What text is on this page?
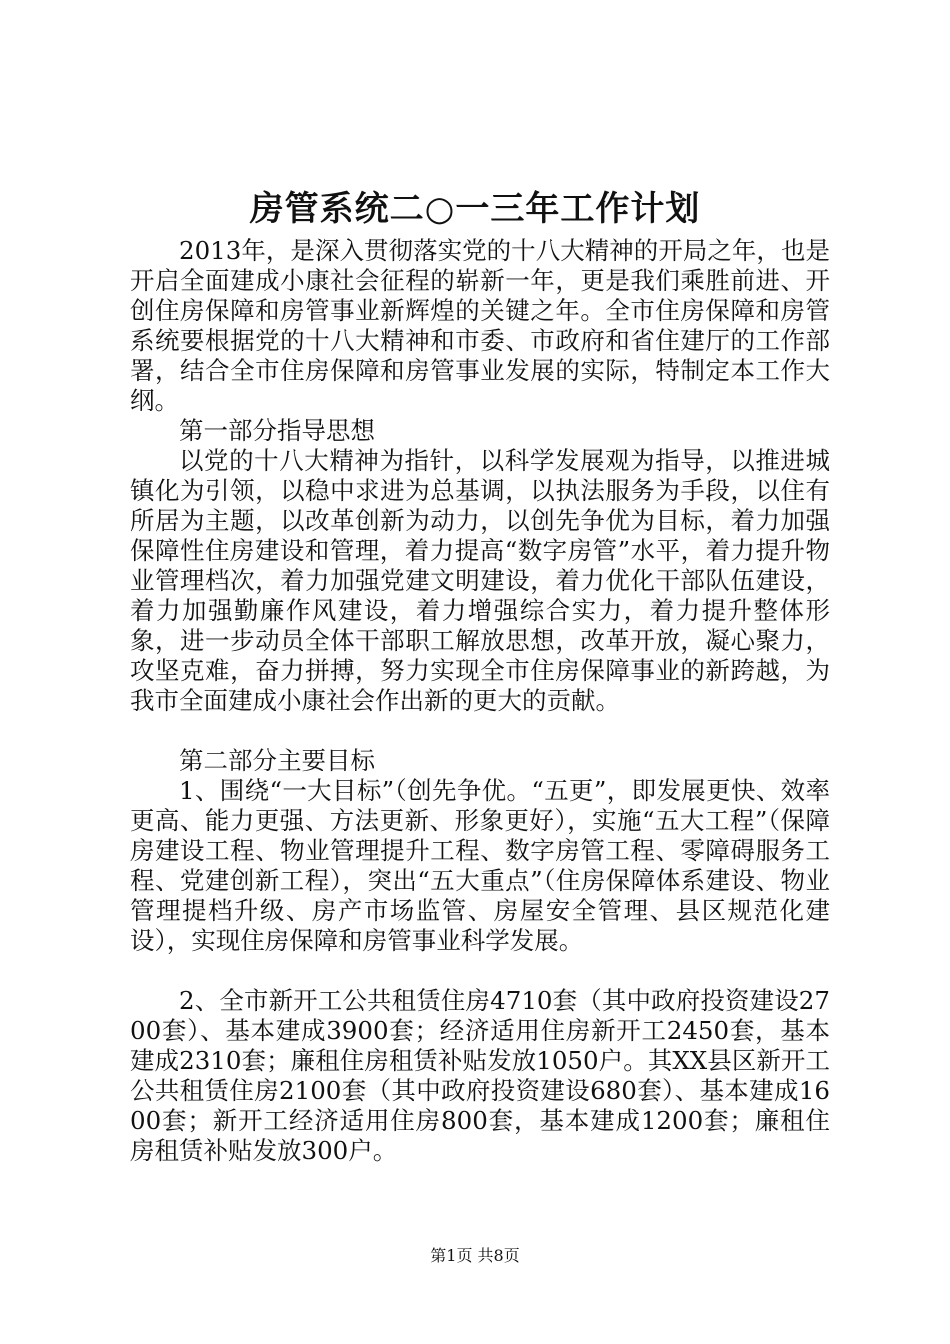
房管系统二○一三年工作计划

2013年，是深入贯彻落实党的十八大精神的开局之年，也是开启全面建成小康社会征程的崭新一年，更是我们乘胜前进、开创住房保障和房管事业新辉煌的关键之年。全市住房保障和房管系统要根据党的十八大精神和市委、市政府和省住建厅的工作部署，结合全市住房保障和房管事业发展的实际，特制定本工作大纲。

第一部分指导思想

以党的十八大精神为指针，以科学发展观为指导，以推进城镇化为引领，以稳中求进为总基调，以执法服务为手段，以住有所居为主题，以改革创新为动力，以创先争优为目标，着力加强保障性住房建设和管理，着力提高“数字房管”水平，着力提升物业管理档次，着力加强党建文明建设，着力优化干部队伍建设，着力加强勤廉作风建设，着力增强综合实力，着力提升整体形象，进一步动员全体干部职工解放思想，改革开放，凝心聚力，攻坚克难，奋力拼搏，努力实现全市住房保障事业的新跨越，为我市全面建成小康社会作出新的更大的贡献。

第二部分主要目标

1、围绕“一大目标”（创先争优。“五更”，即发展更快、效率更高、能力更强、方法更新、形象更好），实施“五大工程”（保障房建设工程、物业管理提升工程、数字房管工程、零障碍服务工程、党建创新工程），突出“五大重点”（住房保障体系建设、物业管理提档升级、房产市场监管、房屋安全管理、县区规范化建设），实现住房保障和房管事业科学发展。

2、全市新开工公共租赁住房4710套（其中政府投资建设2700套）、基本建成3900套；经济适用住房新开工2450套，基本建成2310套；廉租住房租赁补贴发放1050户。其XX县区新开工公共租赁住房2100套（其中政府投资建设680套）、基本建成1600套；新开工经济适用住房800套，基本建成1200套；廉租住房租赁补贴发放300户。

第1页 共8页
